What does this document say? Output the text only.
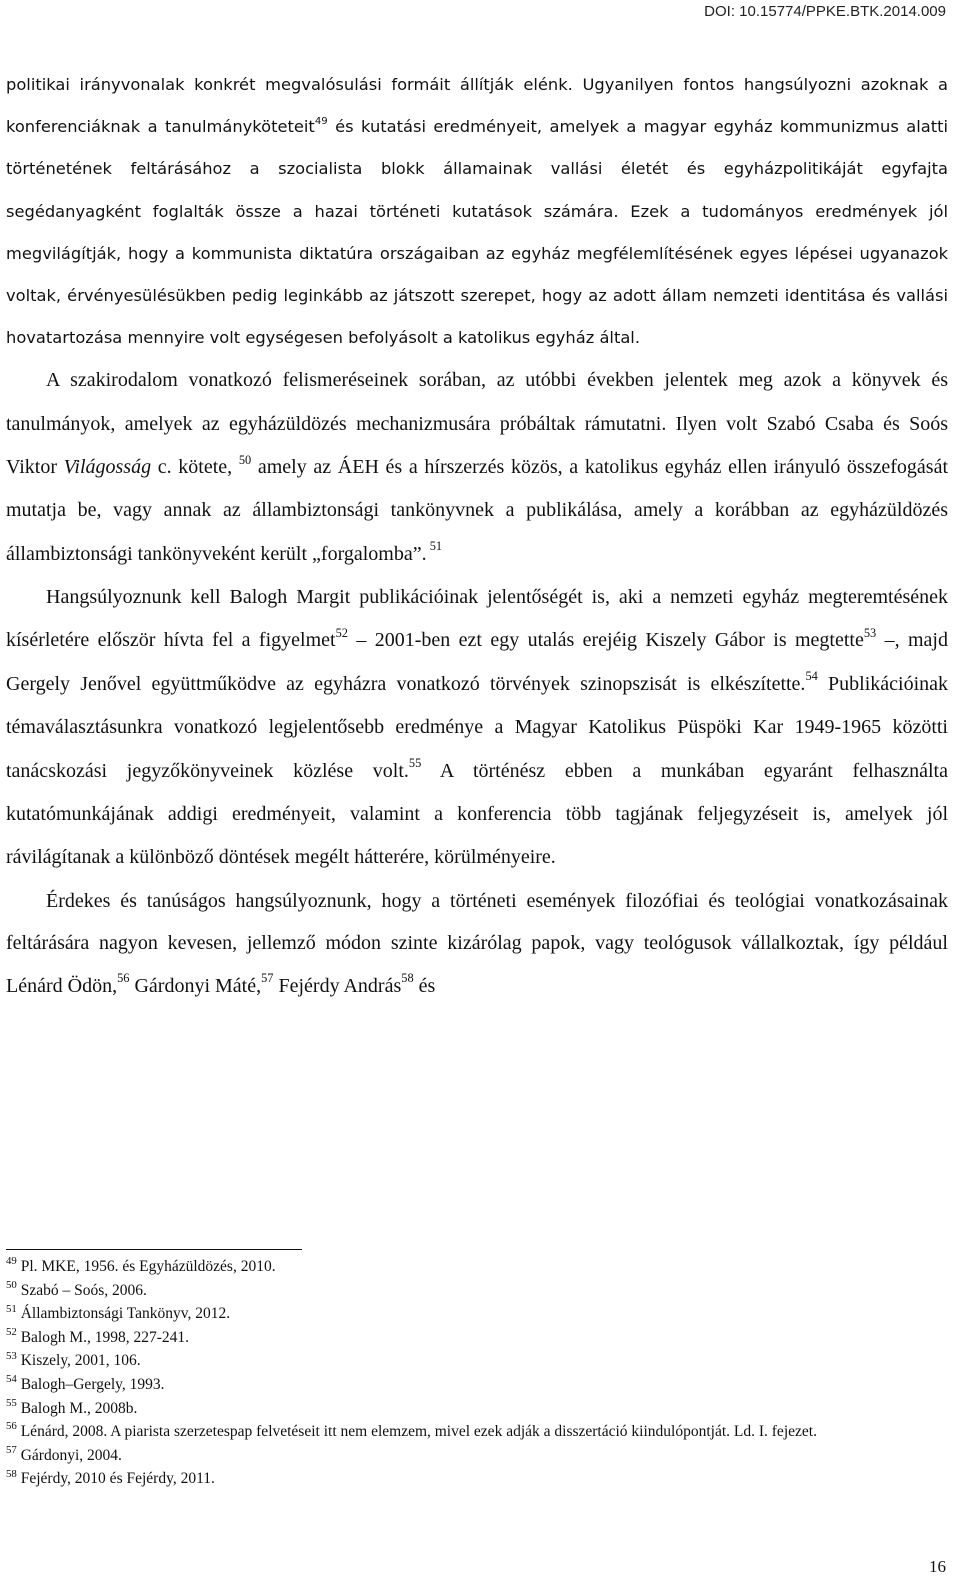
DOI: 10.15774/PPKE.BTK.2014.009

politikai irányvonalak konkrét megvalósulási formáit állítják elénk. Ugyanilyen fontos hangsúlyozni azoknak a konferenciáknak a tanulmányköteteit$^{49}$ és kutatási eredményeit, amelyek a magyar egyház kommunizmus alatti történetének feltárásához a szocialista blokk államainak vallási életét és egyházpolitikáját egyfajta segédanyagként foglalták össze a hazai történeti kutatások számára. Ezek a tudományos eredmények jól megvilágítják, hogy a kommunista diktatúra országaiban az egyház megfélemlítésének egyes lépései ugyanazok voltak, érvényesülésükben pedig leginkább az játszott szerepet, hogy az adott állam nemzeti identitása és vallási hovatartozása mennyire volt egységesen befolyásolt a katolikus egyház által.

A szakirodalom vonatkozó felismeréseinek sorában, az utóbbi években jelentek meg azok a könyvek és tanulmányok, amelyek az egyházüldözés mechanizmusára próbáltak rámutatni. Ilyen volt Szabó Csaba és Soós Viktor Világosság c. kötete, $^{50}$ amely az ÁEH és a hírszerzés közös, a katolikus egyház ellen irányuló összefogását mutatja be, vagy annak az állambiztonsági tankönyvnek a publikálása, amely a korábban az egyházüldözés állambiztonsági tankönyveként került „forgalomba”. $^{51}$

Hangsúlyoznunk kell Balogh Margit publikációinak jelentőségét is, aki a nemzeti egyház megteremtésének kísérletére először hívta fel a figyelmet$^{52}$ – 2001-ben ezt egy utalás erejéig Kiszely Gábor is megtette$^{53}$ –, majd Gergely Jenővel együttműködve az egyházra vonatkozó törvények szinopszisát is elkészítette.$^{54}$ Publikációinak témaválasztásunkra vonatkozó legjelentősebb eredménye a Magyar Katolikus Püspöki Kar 1949-1965 közötti tanácskozási jegyzőkönyveinek közlése volt.$^{55}$ A történész ebben a munkában egyaránt felhasználta kutatómunkájának addigi eredményeit, valamint a konferencia több tagjának feljegyzéseit is, amelyek jól rávilágítanak a különböző döntések megélt hátterére, körülményeire.

Érdekes és tanúságos hangsúlyoznunk, hogy a történeti események filozófiai és teológiai vonatkozásainak feltárására nagyon kevesen, jellemző módon szinte kizárólag papok, vagy teológusok vállalkoztak, így például Lénárd Ödön,$^{56}$ Gárdonyi Máté,$^{57}$ Fejérdy András$^{58}$ és

$^{49}$ Pl. MKE, 1956. és Egyházüldözés, 2010.

$^{50}$ Szabó – Soós, 2006.

$^{51}$ Állambiztonsági Tankönyv, 2012.

$^{52}$ Balogh M., 1998, 227-241.

$^{53}$ Kiszely, 2001, 106.

$^{54}$ Balogh–Gergely, 1993.

$^{55}$ Balogh M., 2008b.

$^{56}$ Lénárd, 2008. A piarista szerzetespap felvetéseit itt nem elemzem, mivel ezek adják a disszertáció kiindulópontját. Ld. I. fejezet.

$^{57}$ Gárdonyi, 2004.

$^{58}$ Fejérdy, 2010 és Fejérdy, 2011.

16
